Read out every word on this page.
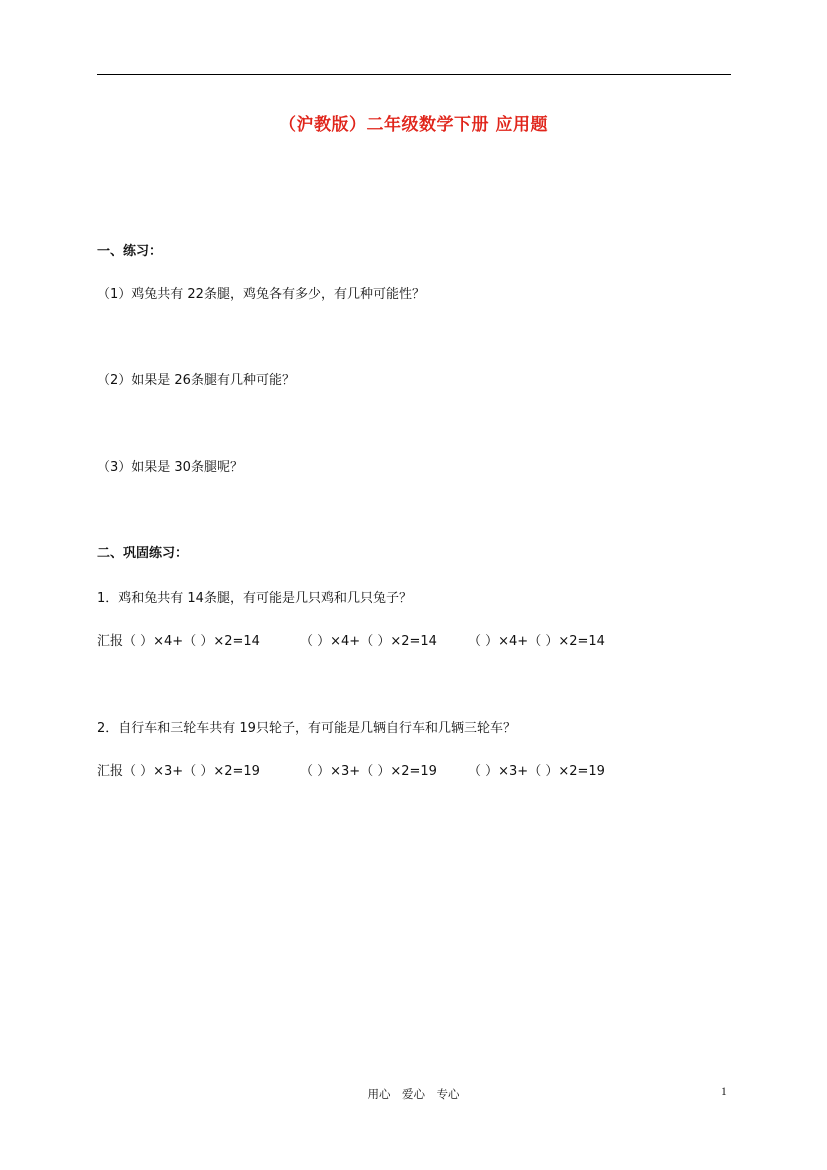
（沪教版）二年级数学下册 应用题
一、练习：
（1）鸡兔共有 22条腿，鸡兔各有多少，有几种可能性？
（2）如果是 26条腿有几种可能？
（3）如果是 30条腿呢？
二、巩固练习：
1．鸡和兔共有 14条腿，有可能是几只鸡和几只兔子？
汇报（ ）×4+（ ）×2=14	（ ）×4+（ ）×2=14 （ ）×4+（ ）×2=14
2．自行车和三轮车共有 19只轮子，有可能是几辆自行车和几辆三轮车？
汇报（ ）×3+（ ）×2=19	（ ）×3+（ ）×2=19 （ ）×3+（ ）×2=19
用心　爱心　专心	1
